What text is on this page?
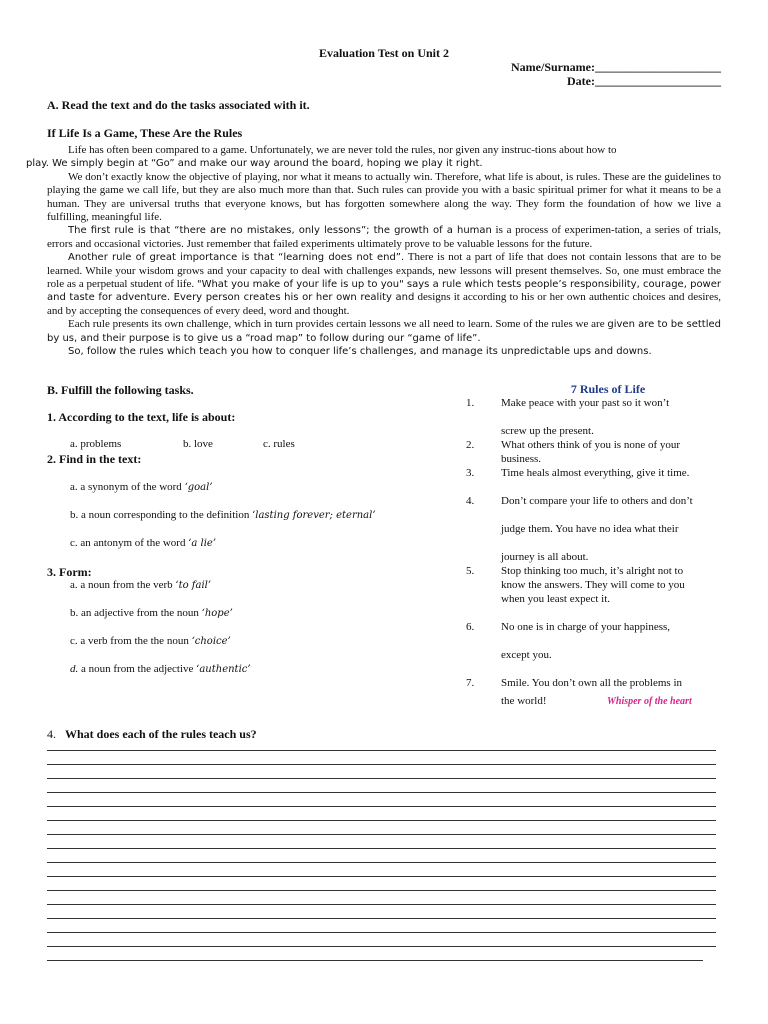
Evaluation Test on Unit 2
Name/Surname:_____________________
Date:_____________________
A. Read the text and do the tasks associated with it.
If Life Is a Game, These Are the Rules

Life has often been compared to a game. Unfortunately, we are never told the rules, nor given any instruc-tions about how to
play. We simply begin at “Go” and make our way around the board, hoping we play it right.

We don’t exactly know the objective of playing, nor what it means to actually win. Therefore, what life is about, is rules. These are the guidelines to playing the game we call life, but they are also much more than that. Such rules can provide you with a basic spiritual primer for what it means to be a human. They are universal truths that everyone knows, but has forgotten somewhere along the way. They form the foundation of how we live a fulfilling, meaningful life.

The first rule is that “there are no mistakes, only lessons”; the growth of a human is a process of experimen-tation, a series of trials, errors and occasional victories. Just remember that failed experiments ultimately prove to be valuable lessons for the future.

Another rule of great importance is that “learning does not end”. There is not a part of life that does not contain lessons that are to be learned. While your wisdom grows and your capacity to deal with challenges expands, new lessons will present themselves. So, one must embrace the role as a perpetual student of life. "What you make of your life is up to you" says a rule which tests people’s responsibility, courage, power and taste for adventure. Every person creates his or her own reality and designs it according to his or her own authentic choices and desires, and by accepting the consequences of every deed, word and thought.

Each rule presents its own challenge, which in turn provides certain lessons we all need to learn. Some of the rules we are given are to be settled by us, and their purpose is to give us a “road map” to follow during our “game of life”.

So, follow the rules which teach you how to conquer life’s challenges, and manage its unpredictable ups and downs.

B. Fulfill the following tasks.
1. According to the text, life is about:
a. problems	b. love	c. rules
2. Find in the text:
a. a synonym of the word ‘goal’
b. a noun corresponding to the definition ‘lasting forever; eternal’
c. an antonym of the word ‘a lie’
3. Form:
a. a noun from the verb ‘to fail’
b. an adjective from the noun ‘hope’
c. a verb from the the noun ‘choice’
d. a noun from the adjective ‘authentic’
4. What does each of the rules teach us?
7 Rules of Life
1. Make peace with your past so it won’t
screw up the present.
2. What others think of you is none of your
business.
3. Time heals almost everything, give it time.
4. Don’t compare your life to others and don’t
judge them. You have no idea what their
journey is all about.
5. Stop thinking too much, it’s alright not to
know the answers. They will come to you
when you least expect it.
6. No one is in charge of your happiness,
except you.
7. Smile. You don’t own all the problems in
the world!	Whisper of the heart
